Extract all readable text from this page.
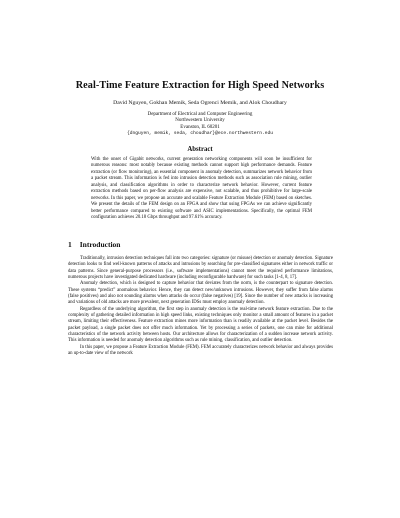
Real-Time Feature Extraction for High Speed Networks
David Nguyen, Gokhan Memik, Seda Ogrenci Memik, and Alok Choudhary
Department of Electrical and Computer Engineering
Northwestern University
Evanston, IL 60201
{dnguyen, memik, seda, choudhar}@ece.northwestern.edu
Abstract
With the onset of Gigabit networks, current generation networking components will soon be insufficient for numerous reasons: most notably because existing methods cannot support high performance demands. Feature extraction (or flow monitoring), an essential component in anomaly detection, summarizes network behavior from a packet stream. This information is fed into intrusion detection methods such as association rule mining, outlier analysis, and classification algorithms in order to characterize network behavior. However, current feature extraction methods based on per-flow analysis are expensive, not scalable, and thus prohibitive for large-scale networks. In this paper, we propose an accurate and scalable Feature Extraction Module (FEM) based on sketches. We present the details of the FEM design on an FPGA and show that using FPGAs we can achieve significantly better performance compared to existing software and ASIC implementations. Specifically, the optimal FEM configuration achieves 20.18 Gbps throughput and 97.61% accuracy.
1 Introduction

Traditionally, intrusion detection techniques fall into two categories: signature (or misuse) detection or anomaly detection. Signature detection looks to find well-known patterns of attacks and intrusions by searching for pre-classified signatures either in network traffic or data patterns. Since general-purpose processors (i.e., software implementations) cannot meet the required performance limitations, numerous projects have investigated dedicated hardware (including reconfigurable hardware) for such tasks [1-4, 8, 17].

Anomaly detection, which is designed to capture behavior that deviates from the norm, is the counterpart to signature detection. These systems “predict” anomalous behavior. Hence, they can detect new/unknown intrusions. However, they suffer from false alarms (false positives) and also not sounding alarms when attacks do occur (false negatives) [19]. Since the number of new attacks is increasing and variations of old attacks are more prevalent, next generation IDSs must employ anomaly detection.

Regardless of the underlying algorithm, the first step in anomaly detection is the real-time network feature extraction. Due to the complexity of gathering detailed information in high speed links, existing techniques only monitor a small amount of features in a packet stream, limiting their effectiveness. Feature extraction mines more information than is readily available at the packet level. Besides the packet payload, a single packet does not offer much information. Yet by processing a series of packets, one can mine for additional characteristics of the network activity between hosts. Our architecture allows for characterization of a sudden increase network activity. This information is needed for anomaly detection algorithms such as rule mining, classification, and outlier detection.

In this paper, we propose a Feature Extraction Module (FEM). FEM accurately characterizes network behavior and always provides an up-to-date view of the network
